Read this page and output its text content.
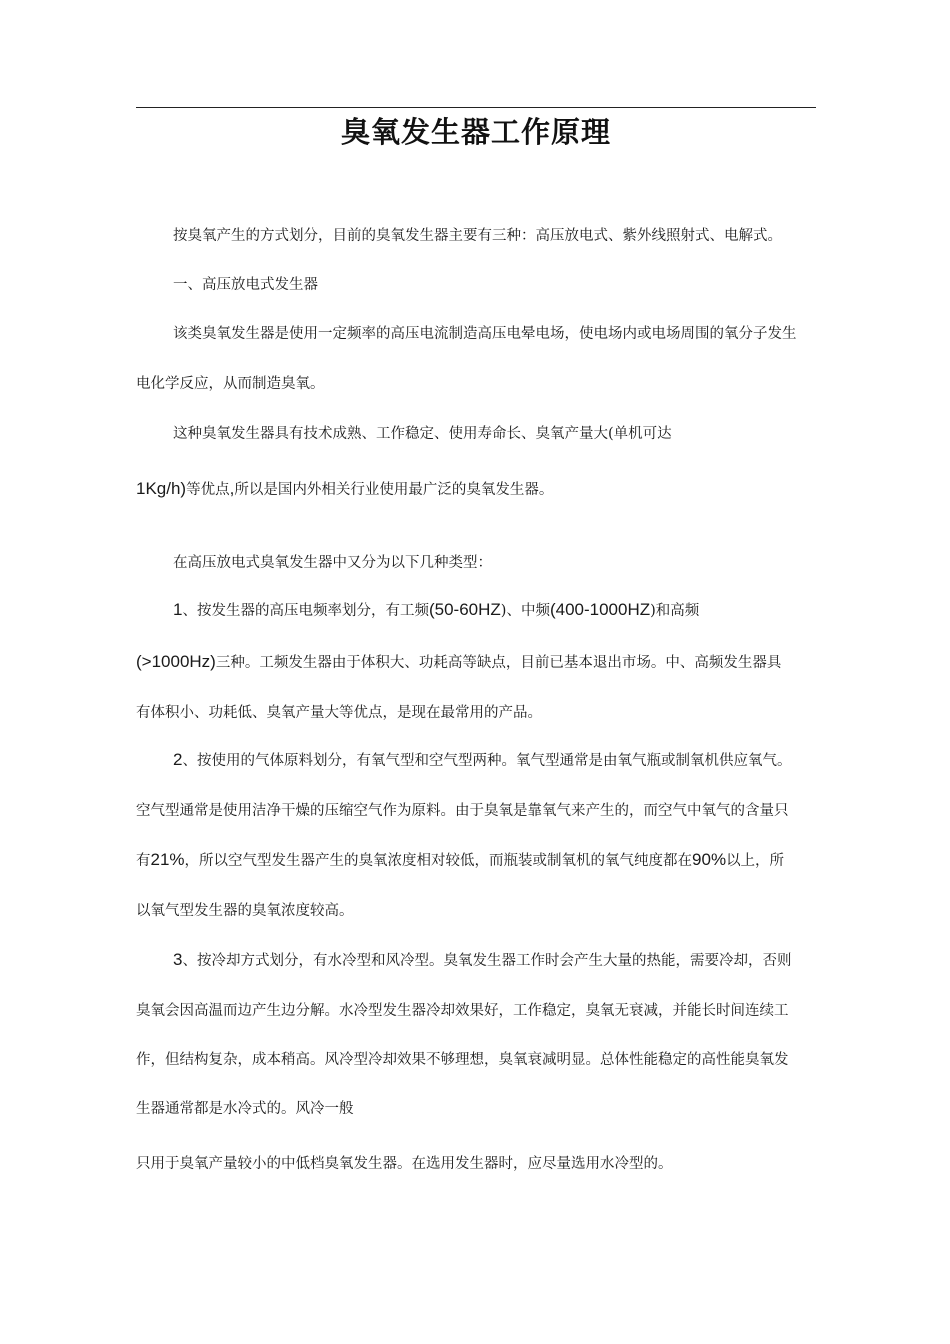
臭氧发生器工作原理
按臭氧产生的方式划分，目前的臭氧发生器主要有三种：高压放电式、紫外线照射式、电解式。
一、高压放电式发生器
该类臭氧发生器是使用一定频率的高压电流制造高压电晕电场，使电场内或电场周围的氧分子发生
电化学反应，从而制造臭氧。
这种臭氧发生器具有技术成熟、工作稳定、使用寿命长、臭氧产量大(单机可达
1Kg/h)等优点,所以是国内外相关行业使用最广泛的臭氧发生器。
在高压放电式臭氧发生器中又分为以下几种类型：
1、按发生器的高压电频率划分，有工频(50-60HZ)、中频(400-1000HZ)和高频
(>1000Hz)三种。工频发生器由于体积大、功耗高等缺点，目前已基本退出市场。中、高频发生器具
有体积小、功耗低、臭氧产量大等优点，是现在最常用的产品。
2、按使用的气体原料划分，有氧气型和空气型两种。氧气型通常是由氧气瓶或制氧机供应氧气。
空气型通常是使用洁净干燥的压缩空气作为原料。由于臭氧是靠氧气来产生的，而空气中氧气的含量只
有21%，所以空气型发生器产生的臭氧浓度相对较低，而瓶装或制氧机的氧气纯度都在90%以上，所
以氧气型发生器的臭氧浓度较高。
3、按冷却方式划分，有水冷型和风冷型。臭氧发生器工作时会产生大量的热能，需要冷却，否则
臭氧会因高温而边产生边分解。水冷型发生器冷却效果好，工作稳定，臭氧无衰减，并能长时间连续工
作，但结构复杂，成本稍高。风冷型冷却效果不够理想，臭氧衰减明显。总体性能稳定的高性能臭氧发
生器通常都是水冷式的。风冷一般
只用于臭氧产量较小的中低档臭氧发生器。在选用发生器时，应尽量选用水冷型的。
